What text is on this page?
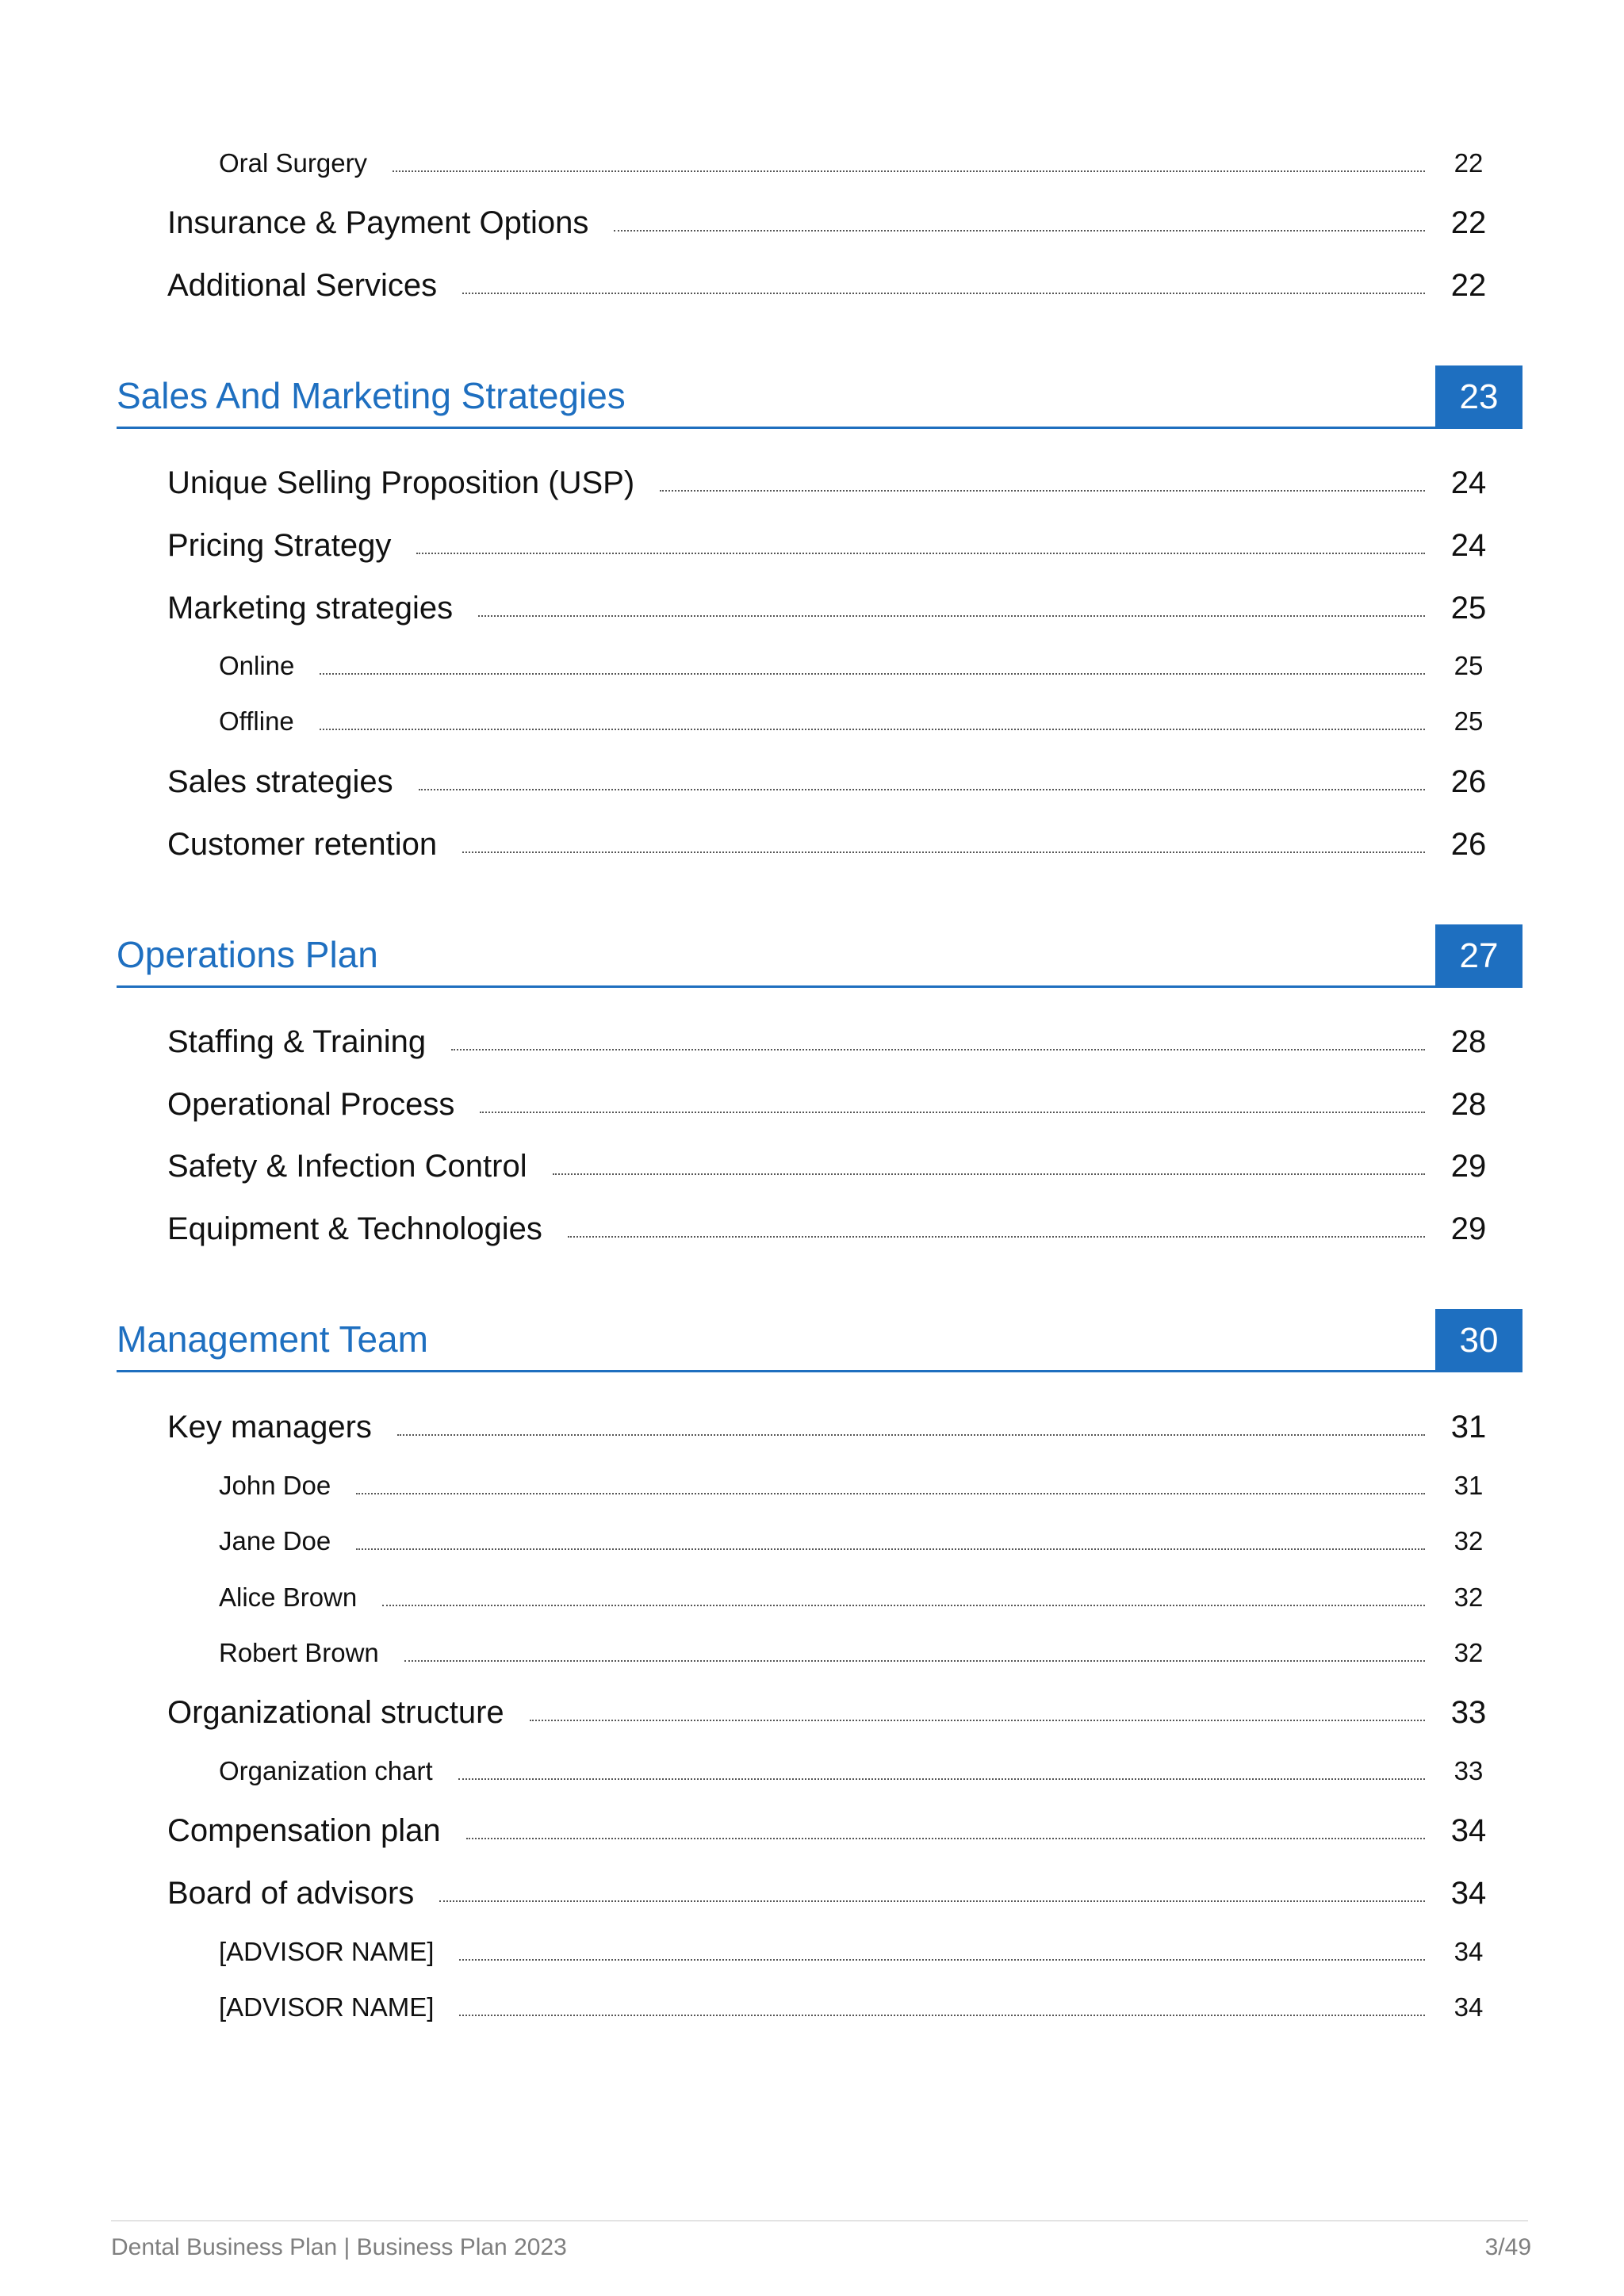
Oral Surgery	22
Insurance & Payment Options	22
Additional Services	22
Sales And Marketing Strategies	23
Unique Selling Proposition (USP)	24
Pricing Strategy	24
Marketing strategies	25
Online	25
Offline	25
Sales strategies	26
Customer retention	26
Operations Plan	27
Staffing & Training	28
Operational Process	28
Safety & Infection Control	29
Equipment & Technologies	29
Management Team	30
Key managers	31
John Doe	31
Jane Doe	32
Alice Brown	32
Robert Brown	32
Organizational structure	33
Organization chart	33
Compensation plan	34
Board of advisors	34
[ADVISOR NAME]	34
[ADVISOR NAME]	34
Dental Business Plan | Business Plan 2023	3/49
